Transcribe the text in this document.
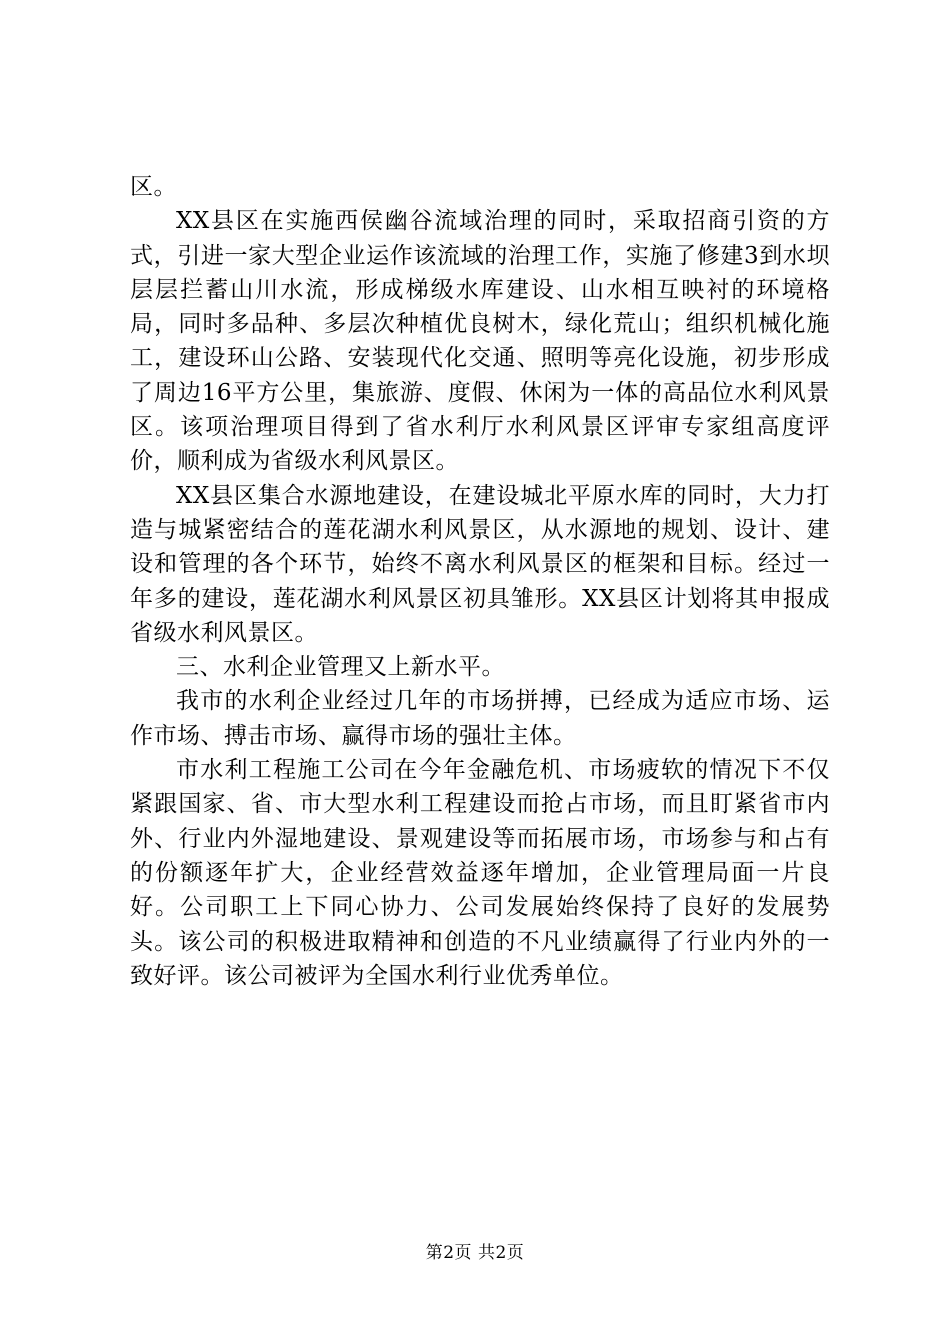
区。

XX县区在实施西侯幽谷流域治理的同时，采取招商引资的方式，引进一家大型企业运作该流域的治理工作，实施了修建3到水坝层层拦蓄山川水流，形成梯级水库建设、山水相互映衬的环境格局，同时多品种、多层次种植优良树木，绿化荒山；组织机械化施工，建设环山公路、安装现代化交通、照明等亮化设施，初步形成了周边16平方公里，集旅游、度假、休闲为一体的高品位水利风景区。该项治理项目得到了省水利厅水利风景区评审专家组高度评价，顺利成为省级水利风景区。

XX县区集合水源地建设，在建设城北平原水库的同时，大力打造与城紧密结合的莲花湖水利风景区，从水源地的规划、设计、建设和管理的各个环节，始终不离水利风景区的框架和目标。经过一年多的建设，莲花湖水利风景区初具雏形。XX县区计划将其申报成省级水利风景区。

三、水利企业管理又上新水平。

我市的水利企业经过几年的市场拼搏，已经成为适应市场、运作市场、搏击市场、赢得市场的强壮主体。

市水利工程施工公司在今年金融危机、市场疲软的情况下不仅紧跟国家、省、市大型水利工程建设而抢占市场，而且盯紧省市内外、行业内外湿地建设、景观建设等而拓展市场，市场参与和占有的份额逐年扩大，企业经营效益逐年增加，企业管理局面一片良好。公司职工上下同心协力、公司发展始终保持了良好的发展势头。该公司的积极进取精神和创造的不凡业绩赢得了行业内外的一致好评。该公司被评为全国水利行业优秀单位。

第2页 共2页
